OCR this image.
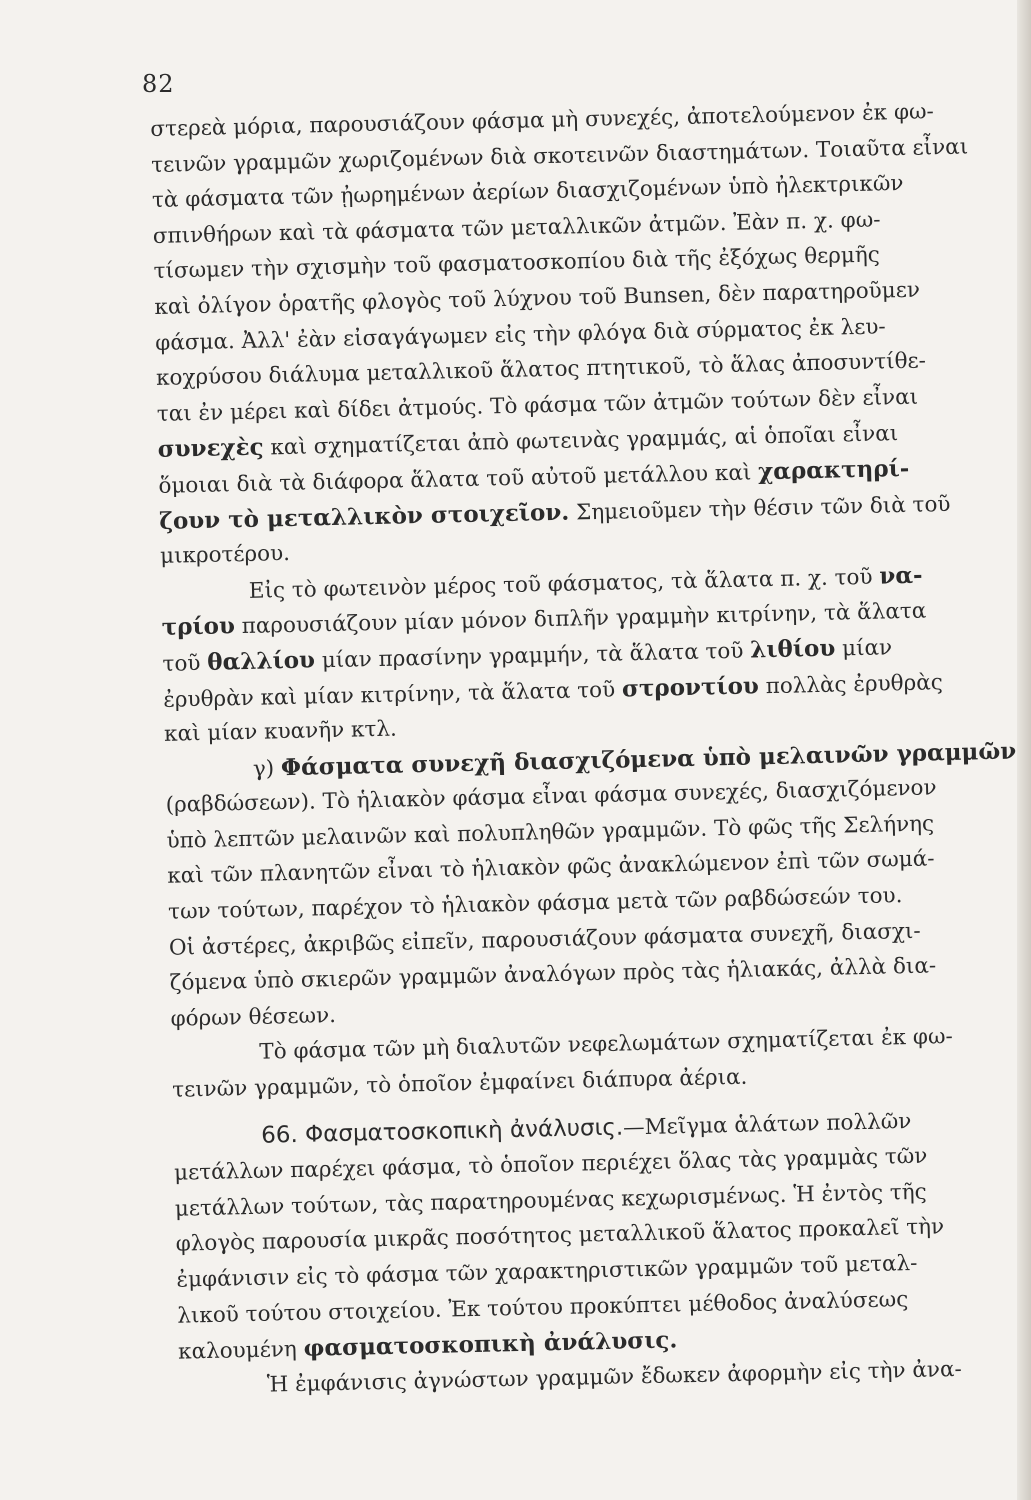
82
στερεὰ μόρια, παρουσιάζουν φάσμα μὴ συνεχές, ἀποτελούμενον ἐκ φω-
τεινῶν γραμμῶν χωριζομένων διὰ σκοτεινῶν διαστημάτων. Τοιαῦτα εἶναι
τὰ φάσματα τῶν ᾐωρημένων ἀερίων διασχιζομένων ὑπὸ ἠλεκτρικῶν
σπινθήρων καὶ τὰ φάσματα τῶν μεταλλικῶν ἀτμῶν. Ἐὰν π. χ. φω-
τίσωμεν τὴν σχισμὴν τοῦ φασματοσκοπίου διὰ τῆς ἐξόχως θερμῆς
καὶ ὀλίγον ὁρατῆς φλογὸς τοῦ λύχνου τοῦ Bunsen, δὲν παρατηροῦμεν
φάσμα. Ἀλλ' ἐὰν εἰσαγάγωμεν εἰς τὴν φλόγα διὰ σύρματος ἐκ λευ-
κοχρύσου διάλυμα μεταλλικοῦ ἅλατος πτητικοῦ, τὸ ἅλας ἀποσυντίθε-
ται ἐν μέρει καὶ δίδει ἀτμούς. Τὸ φάσμα τῶν ἀτμῶν τούτων δὲν εἶναι
συνεχὲς καὶ σχηματίζεται ἀπὸ φωτεινὰς γραμμάς, αἱ ὁποῖαι εἶναι
ὅμοιαι διὰ τὰ διάφορα ἅλατα τοῦ αὐτοῦ μετάλλου καὶ χαρακτηρί-
ζουν τὸ μεταλλικὸν στοιχεῖον. Σημειοῦμεν τὴν θέσιν τῶν διὰ τοῦ
μικροτέρου.
Εἰς τὸ φωτεινὸν μέρος τοῦ φάσματος, τὰ ἅλατα π. χ. τοῦ να-
τρίου παρουσιάζουν μίαν μόνον διπλῆν γραμμὴν κιτρίνην, τὰ ἅλατα
τοῦ θαλλίου μίαν πρασίνην γραμμήν, τὰ ἅλατα τοῦ λιθίου μίαν
ἐρυθρὰν καὶ μίαν κιτρίνην, τὰ ἅλατα τοῦ στροντίου πολλὰς ἐρυθρὰς
καὶ μίαν κυανῆν κτλ.
γ) Φάσματα συνεχῆ διασχιζόμενα ὑπὸ μελαινῶν γραμμῶν
(ραβδώσεων). Τὸ ἡλιακὸν φάσμα εἶναι φάσμα συνεχές, διασχιζόμενον
ὑπὸ λεπτῶν μελαινῶν καὶ πολυπληθῶν γραμμῶν. Τὸ φῶς τῆς Σελήνης
καὶ τῶν πλανητῶν εἶναι τὸ ἡλιακὸν φῶς ἀνακλώμενον ἐπὶ τῶν σωμά-
των τούτων, παρέχον τὸ ἡλιακὸν φάσμα μετὰ τῶν ραβδώσεών του.
Οἱ ἀστέρες, ἀκριβῶς εἰπεῖν, παρουσιάζουν φάσματα συνεχῆ, διασχι-
ζόμενα ὑπὸ σκιερῶν γραμμῶν ἀναλόγων πρὸς τὰς ἡλιακάς, ἀλλὰ δια-
φόρων θέσεων.
Τὸ φάσμα τῶν μὴ διαλυτῶν νεφελωμάτων σχηματίζεται ἐκ φω-
τεινῶν γραμμῶν, τὸ ὁποῖον ἐμφαίνει διάπυρα ἀέρια.
66. Φασματοσκοπικὴ ἀνάλυσις.—Μεῖγμα ἁλάτων πολλῶν
μετάλλων παρέχει φάσμα, τὸ ὁποῖον περιέχει ὅλας τὰς γραμμὰς τῶν
μετάλλων τούτων, τὰς παρατηρουμένας κεχωρισμένως. Ἡ ἐντὸς τῆς
φλογὸς παρουσία μικρᾶς ποσότητος μεταλλικοῦ ἅλατος προκαλεῖ τὴν
ἐμφάνισιν εἰς τὸ φάσμα τῶν χαρακτηριστικῶν γραμμῶν τοῦ μεταλ-
λικοῦ τούτου στοιχείου. Ἐκ τούτου προκύπτει μέθοδος ἀναλύσεως
καλουμένη φασματοσκοπικὴ ἀνάλυσις.
Ἡ ἐμφάνισις ἀγνώστων γραμμῶν ἔδωκεν ἀφορμὴν εἰς τὴν ἀνα-
